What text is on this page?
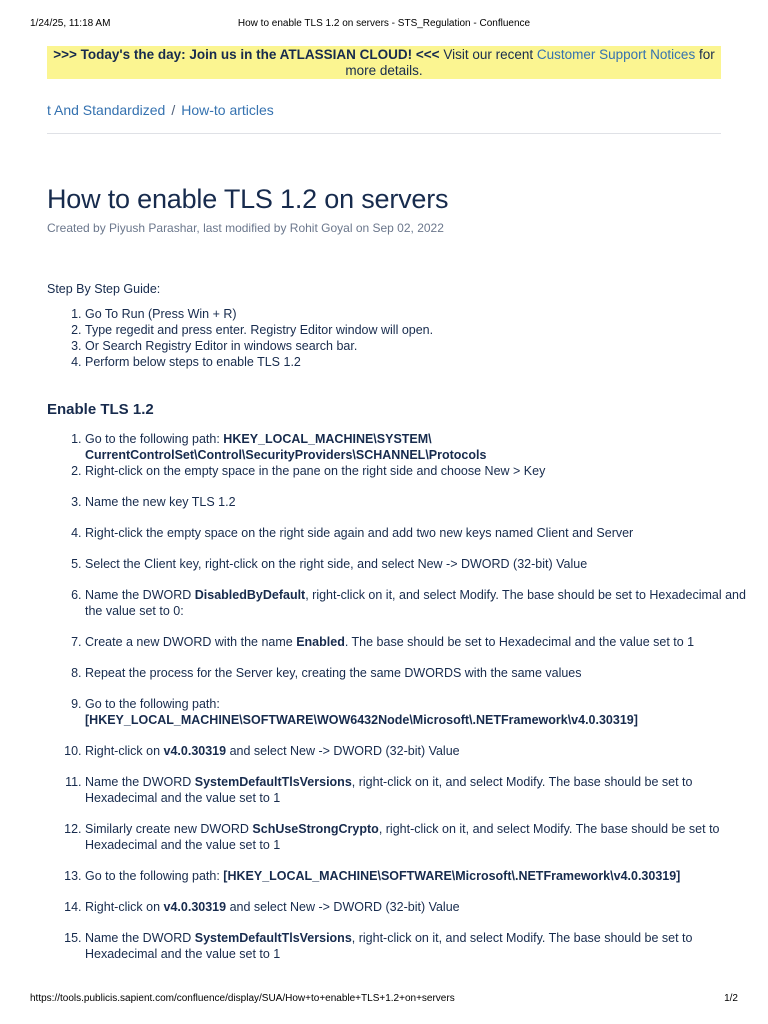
1/24/25, 11:18 AM	How to enable TLS 1.2 on servers - STS_Regulation - Confluence
>>> Today's the day: Join us in the ATLASSIAN CLOUD! <<< Visit our recent Customer Support Notices for more details.
t And Standardized / How-to articles
How to enable TLS 1.2 on servers
Created by Piyush Parashar, last modified by Rohit Goyal on Sep 02, 2022
Step By Step Guide:
1. Go To Run (Press Win + R)
2. Type regedit and press enter. Registry Editor window will open.
3. Or Search Registry Editor in windows search bar.
4. Perform below steps to enable TLS 1.2
Enable TLS 1.2
1. Go to the following path: HKEY_LOCAL_MACHINE\SYSTEM\ CurrentControlSet\Control\SecurityProviders\SCHANNEL\Protocols
2. Right-click on the empty space in the pane on the right side and choose New > Key
3. Name the new key TLS 1.2
4. Right-click the empty space on the right side again and add two new keys named Client and Server
5. Select the Client key, right-click on the right side, and select New -> DWORD (32-bit) Value
6. Name the DWORD DisabledByDefault, right-click on it, and select Modify. The base should be set to Hexadecimal and the value set to 0:
7. Create a new DWORD with the name Enabled. The base should be set to Hexadecimal and the value set to 1
8. Repeat the process for the Server key, creating the same DWORDS with the same values
9. Go to the following path:
[HKEY_LOCAL_MACHINE\SOFTWARE\WOW6432Node\Microsoft\.NETFramework\v4.0.30319]
10. Right-click on v4.0.30319 and select New -> DWORD (32-bit) Value
11. Name the DWORD SystemDefaultTlsVersions, right-click on it, and select Modify. The base should be set to Hexadecimal and the value set to 1
12. Similarly create new DWORD SchUseStrongCrypto, right-click on it, and select Modify. The base should be set to Hexadecimal and the value set to 1
13. Go to the following path: [HKEY_LOCAL_MACHINE\SOFTWARE\Microsoft\.NETFramework\v4.0.30319]
14. Right-click on v4.0.30319 and select New -> DWORD (32-bit) Value
15. Name the DWORD SystemDefaultTlsVersions, right-click on it, and select Modify. The base should be set to Hexadecimal and the value set to 1
https://tools.publicis.sapient.com/confluence/display/SUA/How+to+enable+TLS+1.2+on+servers	1/2
